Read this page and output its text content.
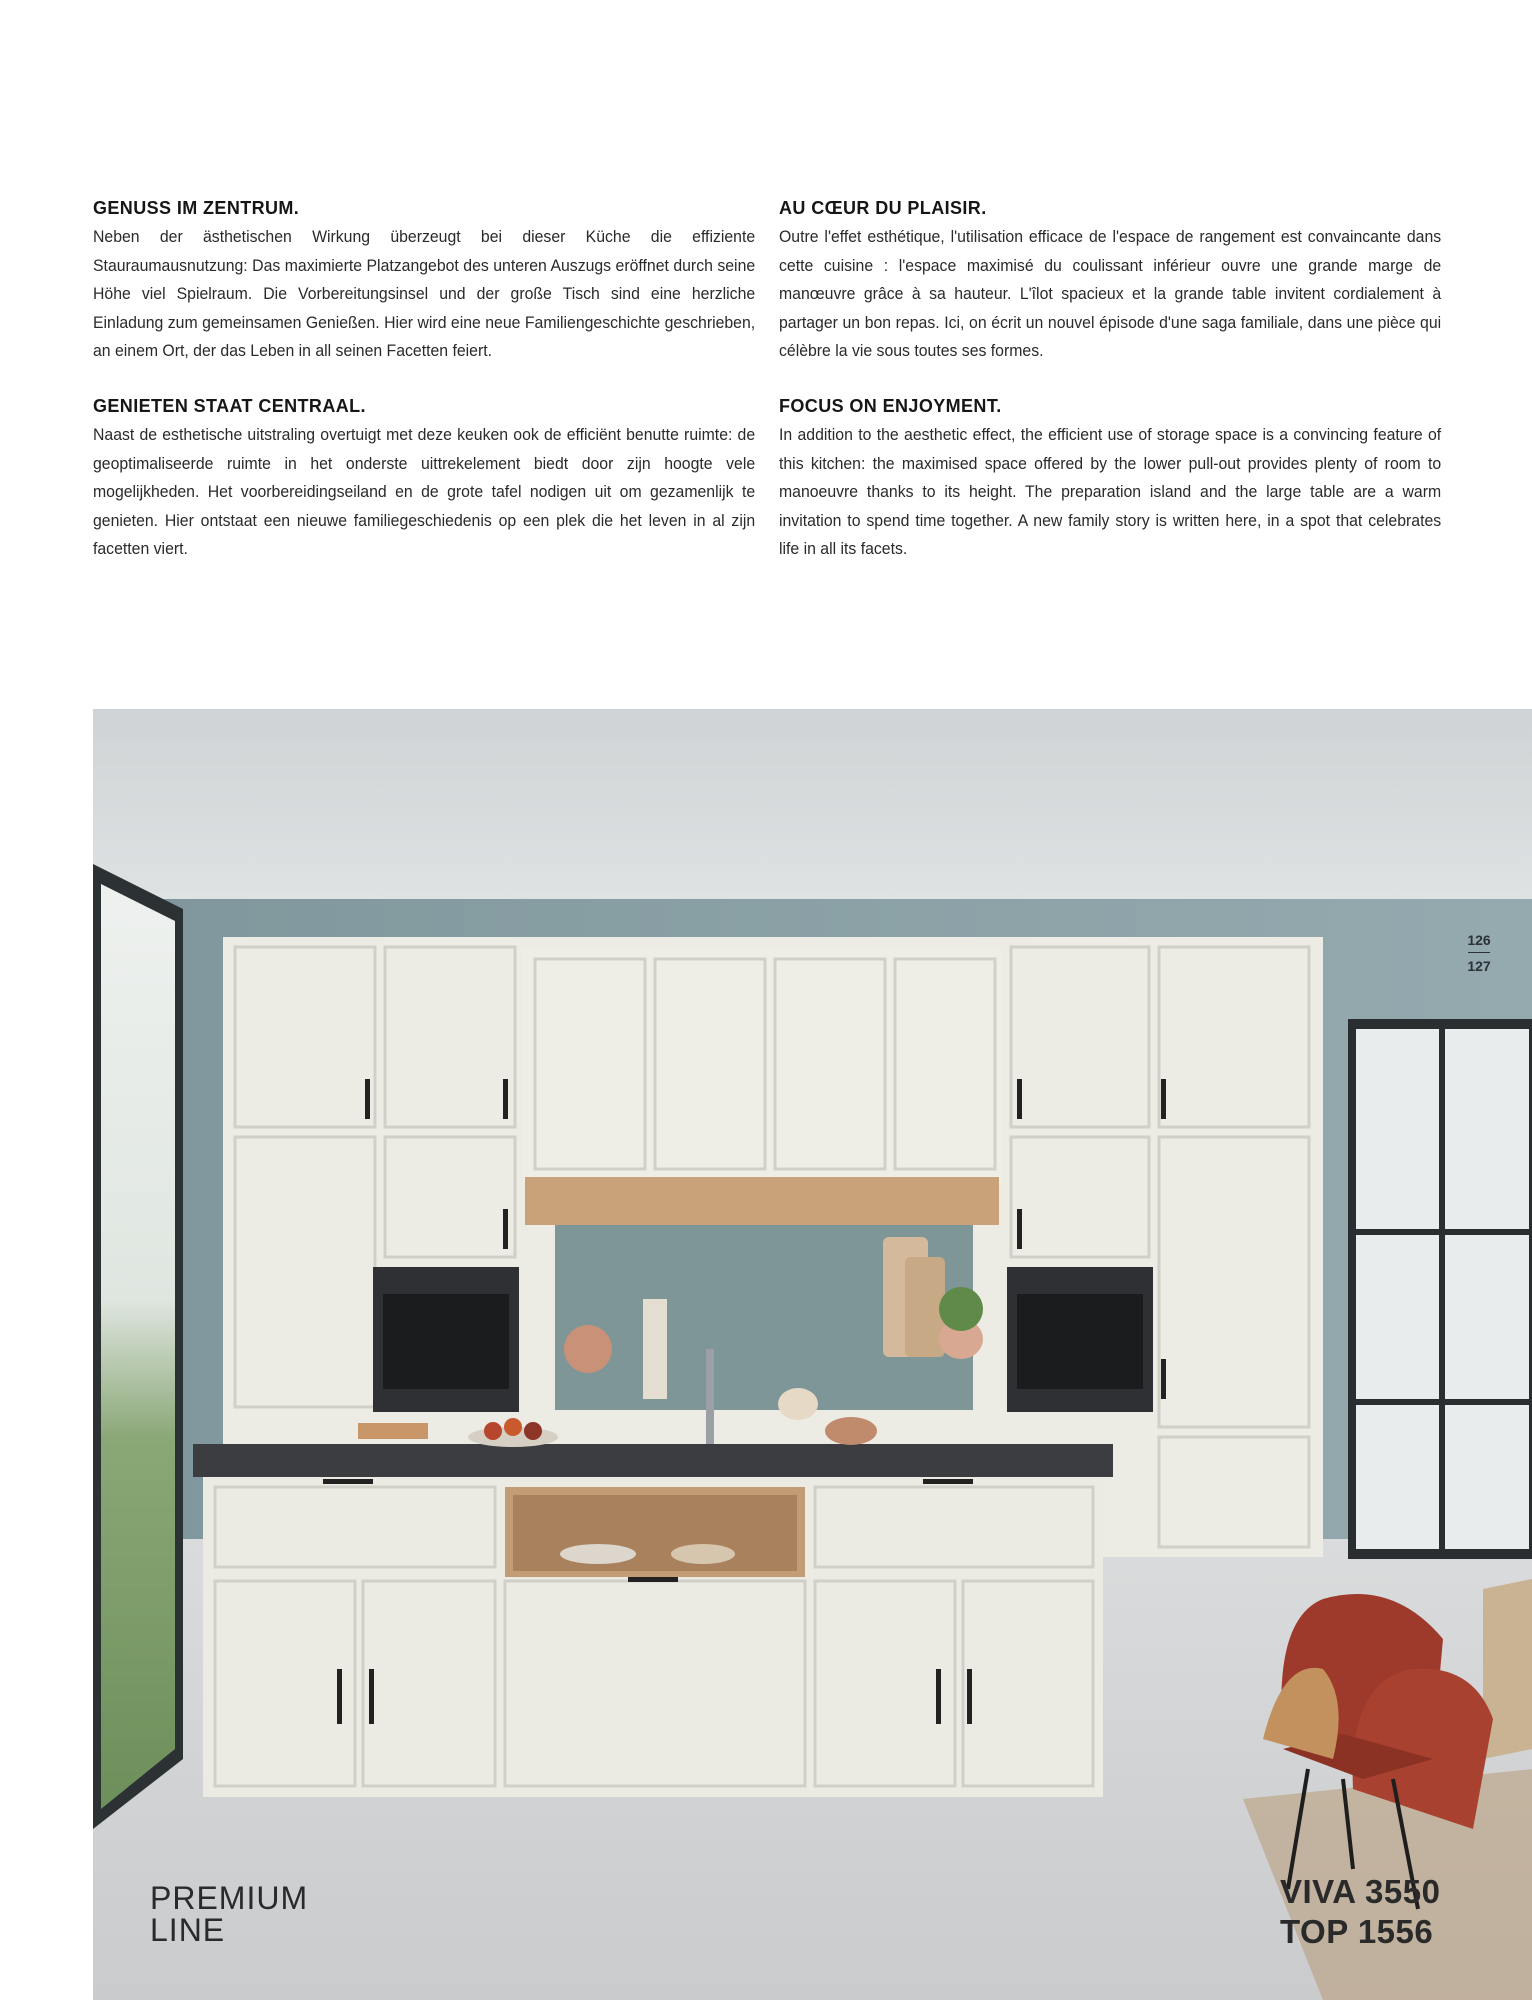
GENUSS IM ZENTRUM.

Neben der ästhetischen Wirkung überzeugt bei dieser Küche die effiziente Stauraumausnutzung: Das maximierte Platzangebot des unteren Auszugs eröffnet durch seine Höhe viel Spielraum. Die Vorbereitungsinsel und der große Tisch sind eine herzliche Einladung zum gemeinsamen Genießen. Hier wird eine neue Familiengeschichte geschrieben, an einem Ort, der das Leben in all seinen Facetten feiert.

AU CŒUR DU PLAISIR.

Outre l'effet esthétique, l'utilisation efficace de l'espace de rangement est convaincante dans cette cuisine : l'espace maximisé du coulissant inférieur ouvre une grande marge de manœuvre grâce à sa hauteur. L'îlot spacieux et la grande table invitent cordialement à partager un bon repas. Ici, on écrit un nouvel épisode d'une saga familiale, dans une pièce qui célèbre la vie sous toutes ses formes.

GENIETEN STAAT CENTRAAL.

Naast de esthetische uitstraling overtuigt met deze keuken ook de efficiënt benutte ruimte: de geoptimaliseerde ruimte in het onderste uittrekelement biedt door zijn hoogte vele mogelijkheden. Het voorbereidingseiland en de grote tafel nodigen uit om gezamenlijk te genieten. Hier ontstaat een nieuwe familiegeschiedenis op een plek die het leven in al zijn facetten viert.

FOCUS ON ENJOYMENT.

In addition to the aesthetic effect, the efficient use of storage space is a convincing feature of this kitchen: the maximised space offered by the lower pull-out provides plenty of room to manoeuvre thanks to its height. The preparation island and the large table are a warm invitation to spend time together. A new family story is written here, in a spot that celebrates life in all its facets.

126
127
PREMIUM
LINE
VIVA 3550
TOP 1556
